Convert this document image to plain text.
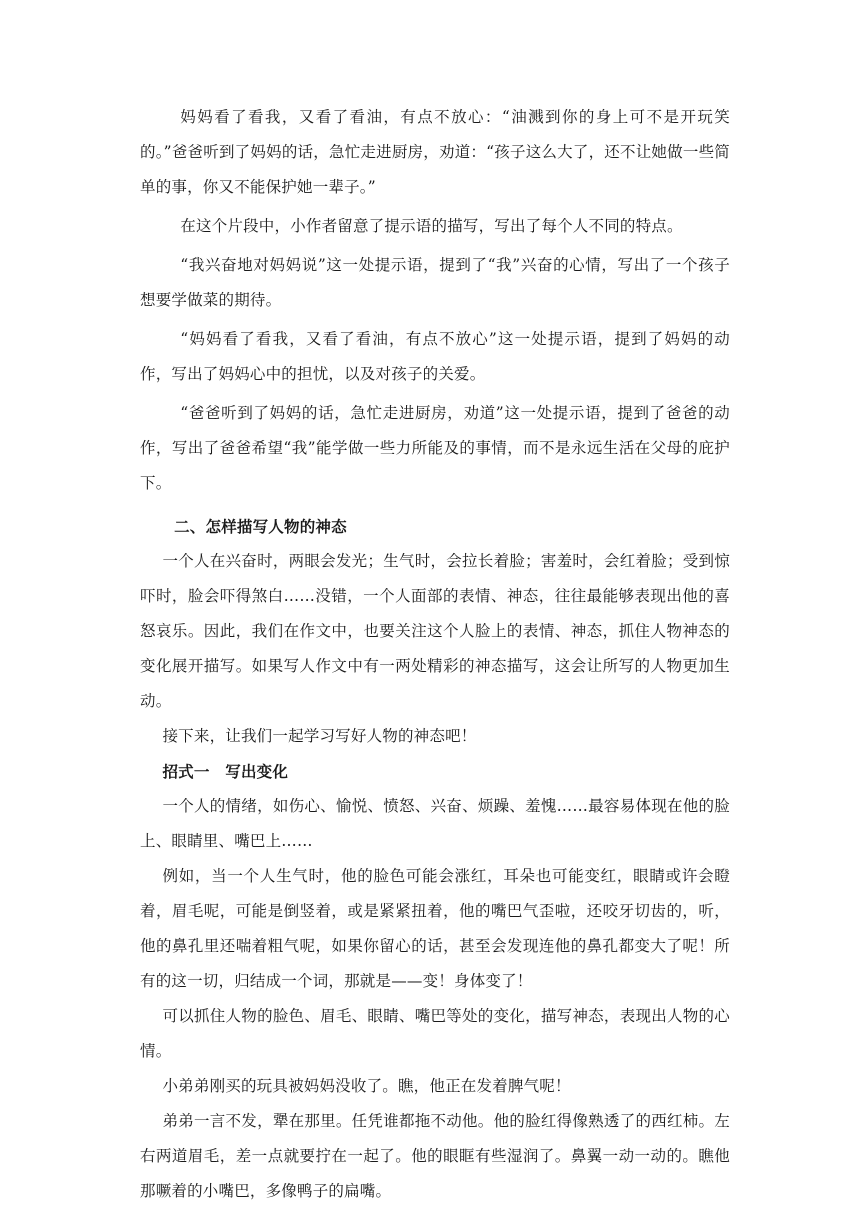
妈妈看了看我，又看了看油，有点不放心：“油溅到你的身上可不是开玩笑的。”爸爸听到了妈妈的话，急忙走进厨房，劝道：“孩子这么大了，还不让她做一些简单的事，你又不能保护她一辈子。”

在这个片段中，小作者留意了提示语的描写，写出了每个人不同的特点。

“我兴奋地对妈妈说”这一处提示语，提到了“我”兴奋的心情，写出了一个孩子想要学做菜的期待。

“妈妈看了看我，又看了看油，有点不放心”这一处提示语，提到了妈妈的动作，写出了妈妈心中的担忧，以及对孩子的关爱。

“爸爸听到了妈妈的话，急忙走进厨房，劝道”这一处提示语，提到了爸爸的动作，写出了爸爸希望“我”能学做一些力所能及的事情，而不是永远生活在父母的庇护下。

二、怎样描写人物的神态

一个人在兴奋时，两眼会发光；生气时，会拉长着脸；害羞时，会红着脸；受到惊吓时，脸会吓得煞白……没错，一个人面部的表情、神态，往往最能够表现出他的喜怒哀乐。因此，我们在作文中，也要关注这个人脸上的表情、神态，抓住人物神态的变化展开描写。如果写人作文中有一两处精彩的神态描写，这会让所写的人物更加生动。

接下来，让我们一起学习写好人物的神态吧！

招式一　写出变化

一个人的情绪，如伤心、愉悦、愤怒、兴奋、烦躁、羞愧……最容易体现在他的脸上、眼睛里、嘴巴上……

例如，当一个人生气时，他的脸色可能会涨红，耳朵也可能变红，眼睛或许会瞪着，眉毛呢，可能是倒竖着，或是紧紧扭着，他的嘴巴气歪啦，还咬牙切齿的，听，他的鼻孔里还喘着粗气呢，如果你留心的话，甚至会发现连他的鼻孔都变大了呢！所有的这一切，归结成一个词，那就是——变！身体变了！

可以抓住人物的脸色、眉毛、眼睛、嘴巴等处的变化，描写神态，表现出人物的心情。

小弟弟刚买的玩具被妈妈没收了。瞧，他正在发着脾气呢！

弟弟一言不发，犟在那里。任凭谁都拖不动他。他的脸红得像熟透了的西红柿。左右两道眉毛，差一点就要拧在一起了。他的眼眶有些湿润了。鼻翼一动一动的。瞧他那噘着的小嘴巴，多像鸭子的扁嘴。
